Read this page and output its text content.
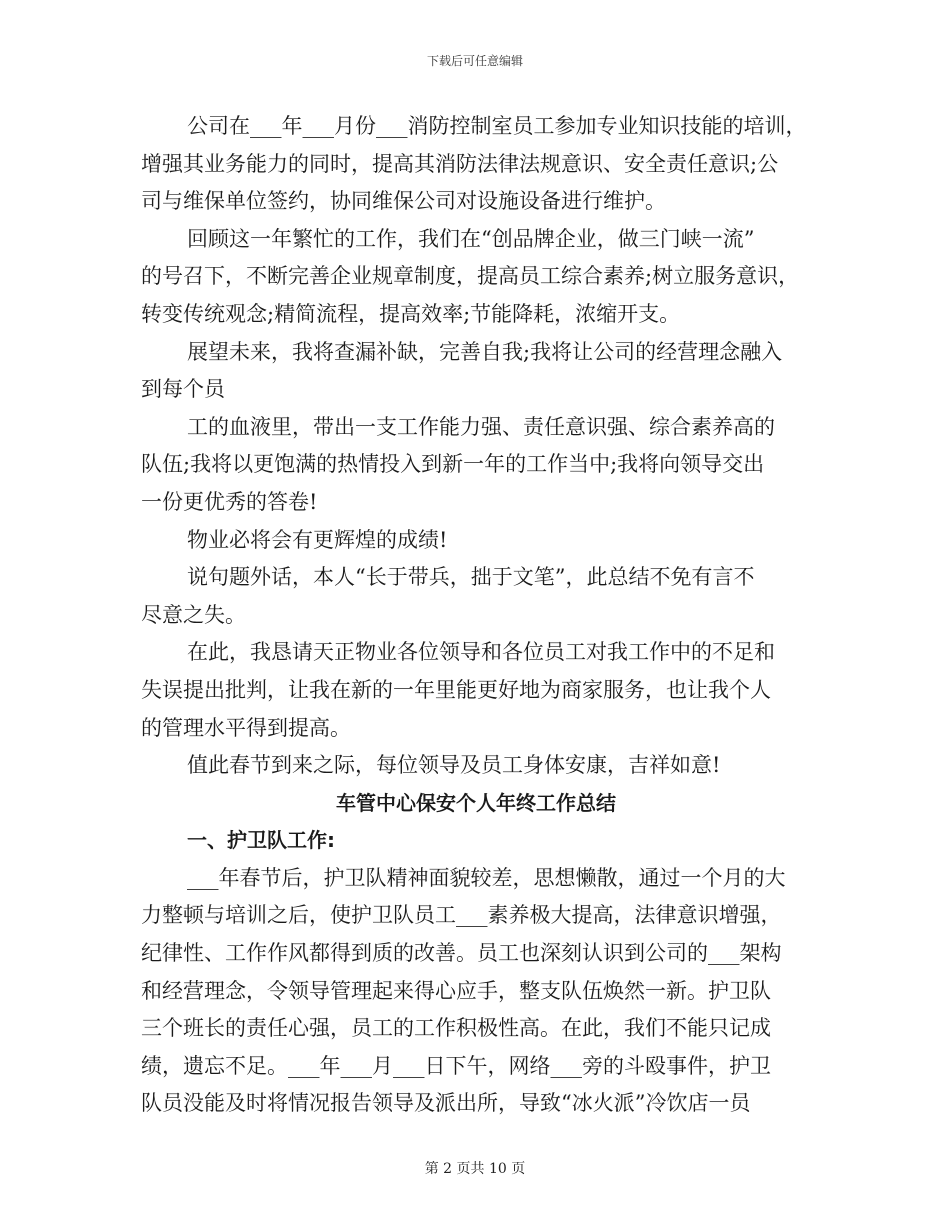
下载后可任意编辑
公司在___年___月份___消防控制室员工参加专业知识技能的培训，
增强其业务能力的同时，提高其消防法律法规意识、安全责任意识;公
司与维保单位签约，协同维保公司对设施设备进行维护。
回顾这一年繁忙的工作，我们在“创品牌企业，做三门峡一流”
的号召下，不断完善企业规章制度，提高员工综合素养;树立服务意识，
转变传统观念;精简流程，提高效率;节能降耗，浓缩开支。
展望未来，我将查漏补缺，完善自我;我将让公司的经营理念融入
到每个员
工的血液里，带出一支工作能力强、责任意识强、综合素养高的
队伍;我将以更饱满的热情投入到新一年的工作当中;我将向领导交出
一份更优秀的答卷!
物业必将会有更辉煌的成绩!
说句题外话，本人“长于带兵，拙于文笔”，此总结不免有言不
尽意之失。
在此，我恳请天正物业各位领导和各位员工对我工作中的不足和
失误提出批判，让我在新的一年里能更好地为商家服务，也让我个人
的管理水平得到提高。
值此春节到来之际，每位领导及员工身体安康，吉祥如意!
车管中心保安个人年终工作总结
一、护卫队工作:
___年春节后，护卫队精神面貌较差，思想懒散，通过一个月的大
力整顿与培训之后，使护卫队员工___素养极大提高，法律意识增强，
纪律性、工作作风都得到质的改善。员工也深刻认识到公司的___架构
和经营理念，令领导管理起来得心应手，整支队伍焕然一新。护卫队
三个班长的责任心强，员工的工作积极性高。在此，我们不能只记成
绩，遗忘不足。___年___月___日下午，网络___旁的斗殴事件，护卫
队员没能及时将情况报告领导及派出所，导致“冰火派”冷饮店一员
第 2 页共 10 页
